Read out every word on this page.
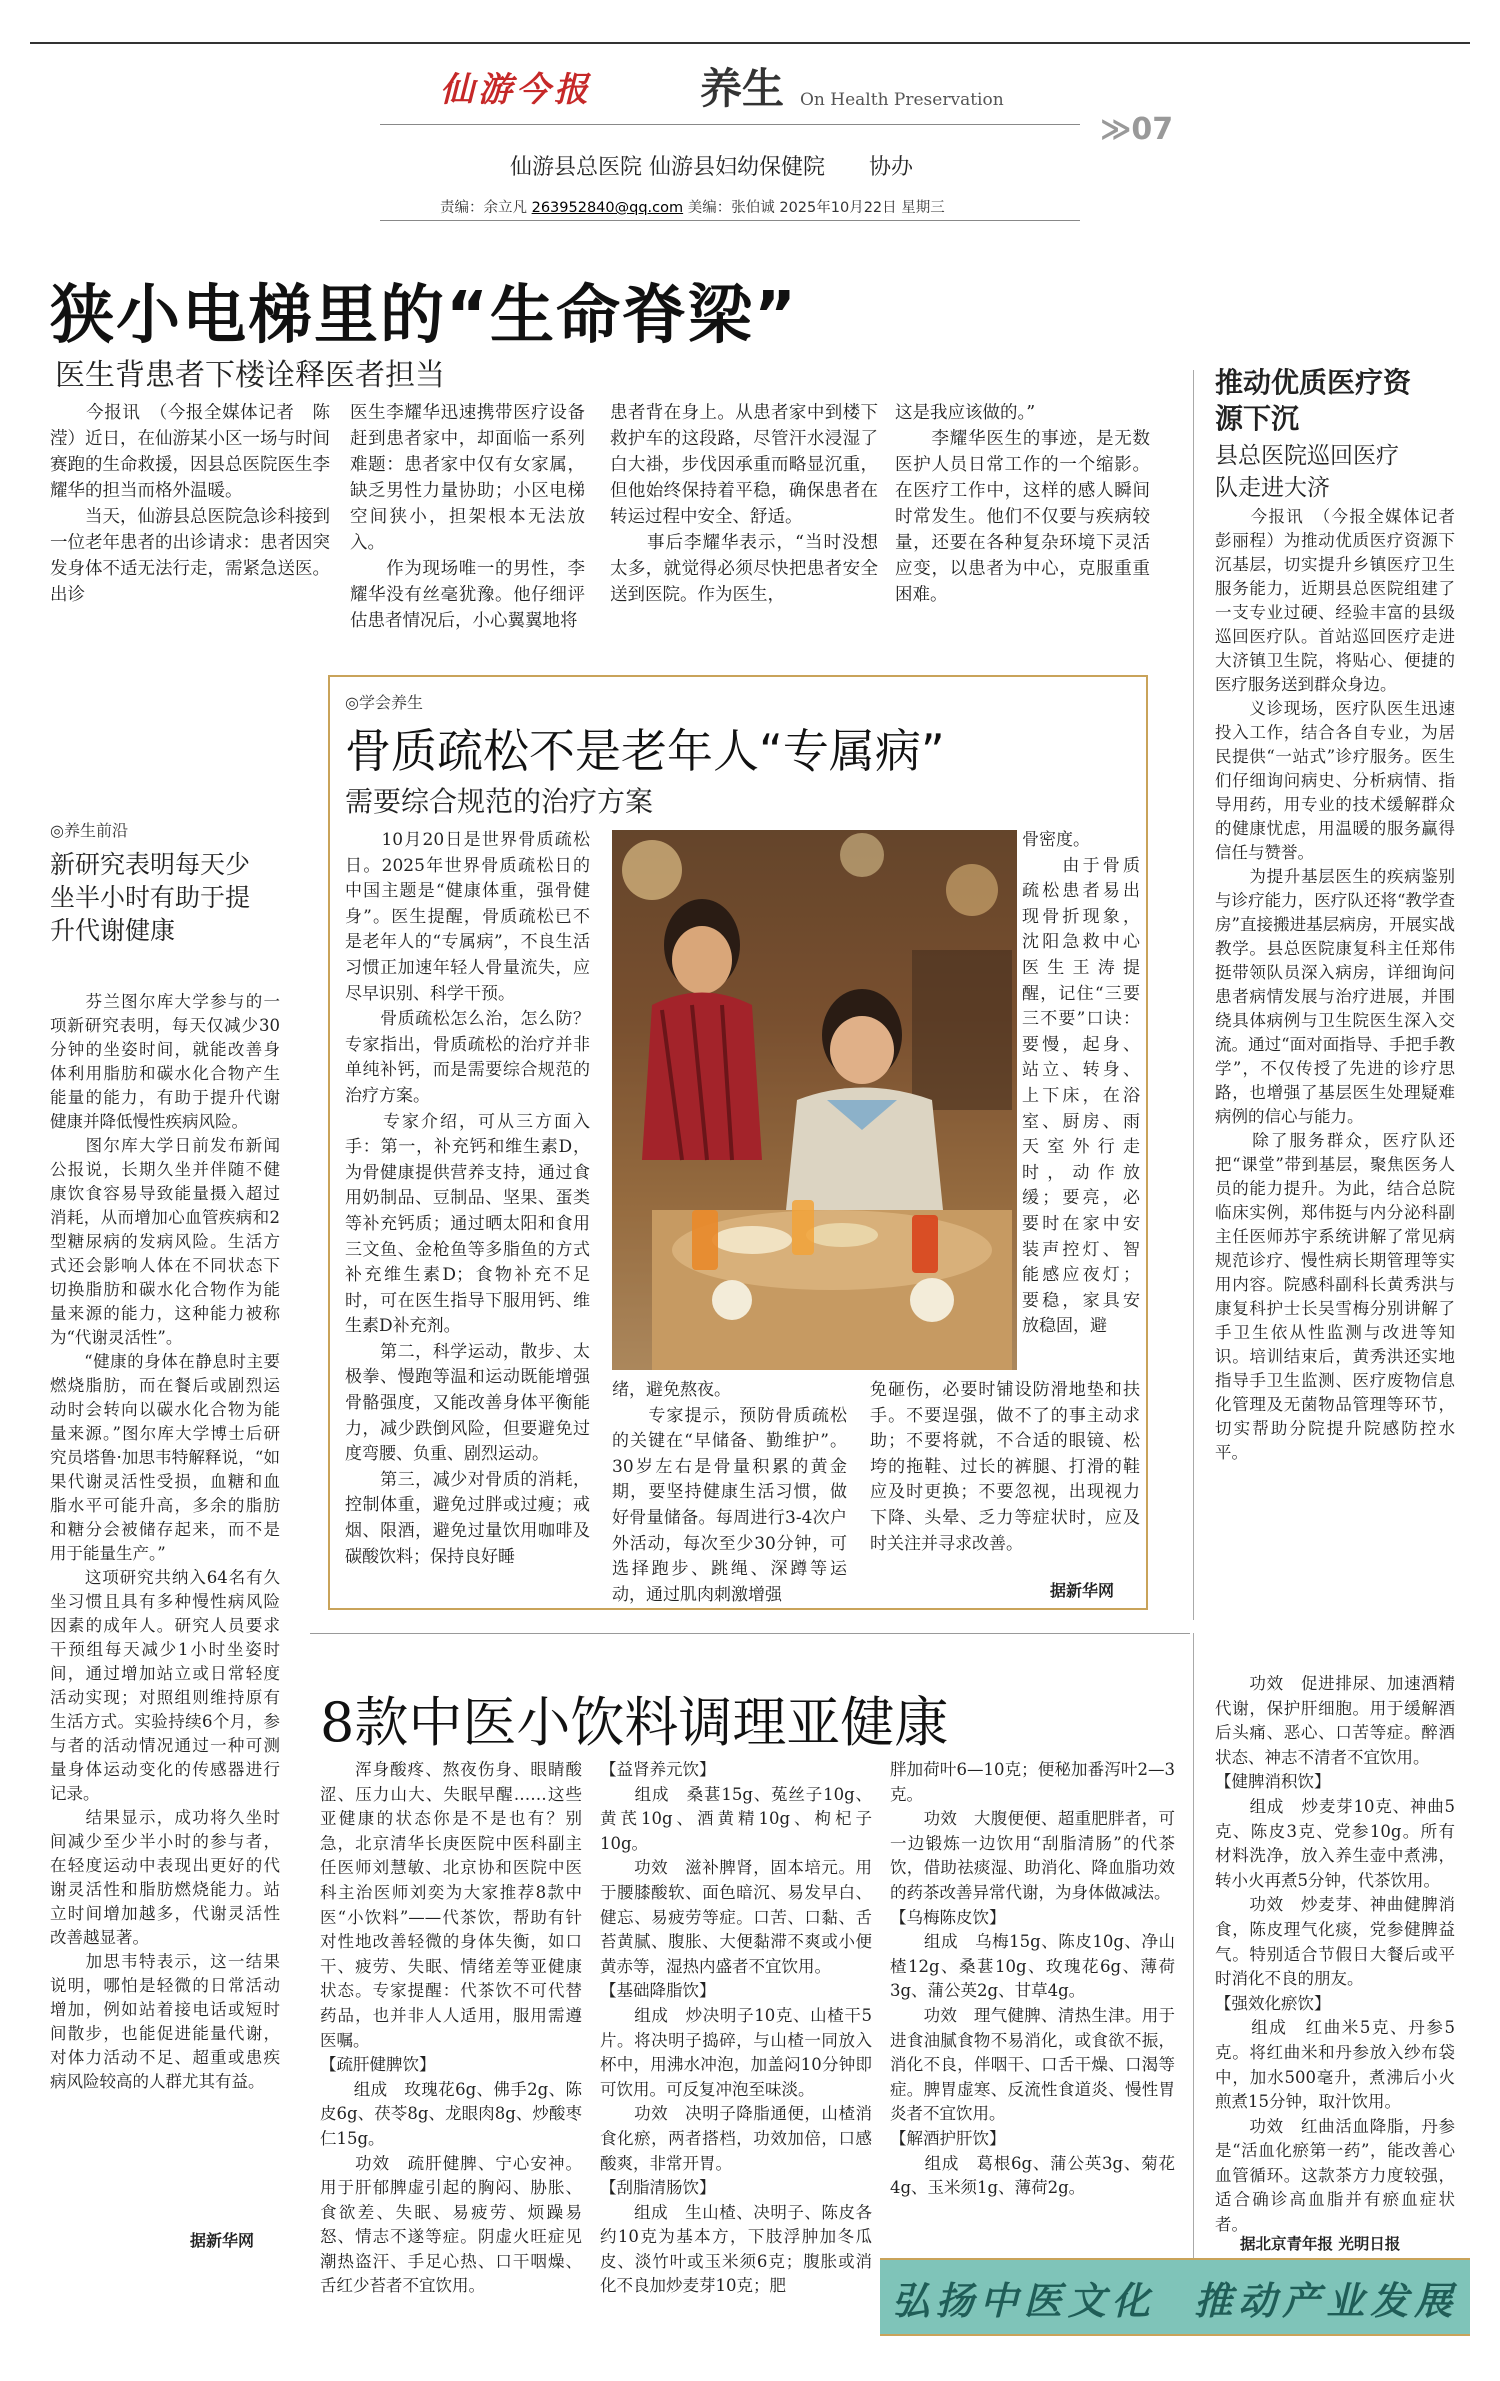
仙游今报	养生 On Health Preservation
≫07
仙游县总医院 仙游县妇幼保健院　　 协办
责编：余立凡 263952840@qq.com 美编：张伯诚 2025年10月22日 星期三
狭小电梯里的“生命脊梁”
医生背患者下楼诠释医者担当
　　今报讯　（今报全媒体记者　陈滢）近日，在仙游某小区一场与时间赛跑的生命救援，因县总医院医生李耀华的担当而格外温暖。
　　当天，仙游县总医院急诊科接到一位老年患者的出诊请求：患者因突发身体不适无法行走，需紧急送医。出诊
医生李耀华迅速携带医疗设备赶到患者家中，却面临一系列难题：患者家中仅有女家属，缺乏男性力量协助；小区电梯空间狭小，担架根本无法放入。
　　作为现场唯一的男性，李耀华没有丝毫犹豫。他仔细评估患者情况后，小心翼翼地将
患者背在身上。从患者家中到楼下救护车的这段路，尽管汗水浸湿了白大褂，步伐因承重而略显沉重，但他始终保持着平稳，确保患者在转运过程中安全、舒适。
　　事后李耀华表示，“当时没想太多，就觉得必须尽快把患者安全送到医院。作为医生，
这是我应该做的。”
　　李耀华医生的事迹，是无数医护人员日常工作的一个缩影。在医疗工作中，这样的感人瞬间时常发生。他们不仅要与疾病较量，还要在各种复杂环境下灵活应变，以患者为中心，克服重重困难。
推动优质医疗资源下沉
县总医院巡回医疗队走进大济
　　今报讯　（今报全媒体记者　彭丽程）为推动优质医疗资源下沉基层，切实提升乡镇医疗卫生服务能力，近期县总医院组建了一支专业过硬、经验丰富的县级巡回医疗队。首站巡回医疗走进大济镇卫生院，将贴心、便捷的医疗服务送到群众身边。
　　义诊现场，医疗队医生迅速投入工作，结合各自专业，为居民提供“一站式”诊疗服务。医生们仔细询问病史、分析病情、指导用药，用专业的技术缓解群众的健康忧虑，用温暖的服务赢得信任与赞誉。
　　为提升基层医生的疾病鉴别与诊疗能力，医疗队还将“教学查房”直接搬进基层病房，开展实战教学。县总医院康复科主任郑伟挺带领队员深入病房，详细询问患者病情发展与治疗进展，并围绕具体病例与卫生院医生深入交流。通过“面对面指导、手把手教学”，不仅传授了先进的诊疗思路，也增强了基层医生处理疑难病例的信心与能力。
　　除了服务群众，医疗队还把“课堂”带到基层，聚焦医务人员的能力提升。为此，结合总院临床实例，郑伟挺与内分泌科副主任医师苏宇系统讲解了常见病规范诊疗、慢性病长期管理等实用内容。院感科副科长黄秀洪与康复科护士长吴雪梅分别讲解了手卫生依从性监测与改进等知识。培训结束后，黄秀洪还实地指导手卫生监测、医疗废物信息化管理及无菌物品管理等环节，切实帮助分院提升院感防控水平。
◎养生前沿
新研究表明每天少坐半小时有助于提升代谢健康
　　芬兰图尔库大学参与的一项新研究表明，每天仅减少30分钟的坐姿时间，就能改善身体利用脂肪和碳水化合物产生能量的能力，有助于提升代谢健康并降低慢性疾病风险。
　　图尔库大学日前发布新闻公报说，长期久坐并伴随不健康饮食容易导致能量摄入超过消耗，从而增加心血管疾病和2型糖尿病的发病风险。生活方式还会影响人体在不同状态下切换脂肪和碳水化合物作为能量来源的能力，这种能力被称为“代谢灵活性”。
　　“健康的身体在静息时主要燃烧脂肪，而在餐后或剧烈运动时会转向以碳水化合物为能量来源。”图尔库大学博士后研究员塔鲁·加思韦特解释说，“如果代谢灵活性受损，血糖和血脂水平可能升高，多余的脂肪和糖分会被储存起来，而不是用于能量生产。”
　　这项研究共纳入64名有久坐习惯且具有多种慢性病风险因素的成年人。研究人员要求干预组每天减少1小时坐姿时间，通过增加站立或日常轻度活动实现；对照组则维持原有生活方式。实验持续6个月，参与者的活动情况通过一种可测量身体运动变化的传感器进行记录。
　　结果显示，成功将久坐时间减少至少半小时的参与者，在轻度运动中表现出更好的代谢灵活性和脂肪燃烧能力。站立时间增加越多，代谢灵活性改善越显著。
　　加思韦特表示，这一结果说明，哪怕是轻微的日常活动增加，例如站着接电话或短时间散步，也能促进能量代谢，对体力活动不足、超重或患疾病风险较高的人群尤其有益。
据新华网
◎学会养生
骨质疏松不是老年人“专属病”
需要综合规范的治疗方案
　　10月20日是世界骨质疏松日。2025年世界骨质疏松日的中国主题是“健康体重，强骨健身”。医生提醒，骨质疏松已不是老年人的“专属病”，不良生活习惯正加速年轻人骨量流失，应尽早识别、科学干预。
　　骨质疏松怎么治，怎么防？专家指出，骨质疏松的治疗并非单纯补钙，而是需要综合规范的治疗方案。
　　专家介绍，可从三方面入手：第一，补充钙和维生素D，为骨健康提供营养支持，通过食用奶制品、豆制品、坚果、蛋类等补充钙质；通过晒太阳和食用三文鱼、金枪鱼等多脂鱼的方式补充维生素D；食物补充不足时，可在医生指导下服用钙、维生素D补充剂。
　　第二，科学运动，散步、太极拳、慢跑等温和运动既能增强骨骼强度，又能改善身体平衡能力，减少跌倒风险，但要避免过度弯腰、负重、剧烈运动。
　　第三，减少对骨质的消耗，控制体重，避免过胖或过瘦；戒烟、限酒，避免过量饮用咖啡及碳酸饮料；保持良好睡
骨密度。
　　由于骨质疏松患者易出现骨折现象，沈阳急救中心医生王涛提醒，记住“三要三不要”口诀：要慢，起身、站立、转身、上下床，在浴室、厨房、雨天室外行走时，动作放缓；要亮，必要时在家中安装声控灯、智能感应夜灯；要稳，家具安放稳固，避
绪，避免熬夜。
　　专家提示，预防骨质疏松的关键在“早储备、勤维护”。30岁左右是骨量积累的黄金期，要坚持健康生活习惯，做好骨量储备。每周进行3-4次户外活动，每次至少30分钟，可选择跑步、跳绳、深蹲等运动，通过肌肉刺激增强
免砸伤，必要时铺设防滑地垫和扶手。不要逞强，做不了的事主动求助；不要将就，不合适的眼镜、松垮的拖鞋、过长的裤腿、打滑的鞋应及时更换；不要忽视，出现视力下降、头晕、乏力等症状时，应及时关注并寻求改善。
据新华网
8款中医小饮料调理亚健康
　　浑身酸疼、熬夜伤身、眼睛酸涩、压力山大、失眠早醒……这些亚健康的状态你是不是也有？别急，北京清华长庚医院中医科副主任医师刘慧敏、北京协和医院中医科主治医师刘奕为大家推荐8款中医“小饮料”——代茶饮，帮助有针对性地改善轻微的身体失衡，如口干、疲劳、失眠、情绪差等亚健康状态。专家提醒：代茶饮不可代替药品，也并非人人适用，服用需遵医嘱。
【疏肝健脾饮】
　　组成　玫瑰花6g、佛手2g、陈皮6g、茯苓8g、龙眼肉8g、炒酸枣仁15g。
　　功效　疏肝健脾、宁心安神。用于肝郁脾虚引起的胸闷、胁胀、食欲差、失眠、易疲劳、烦躁易怒、情志不遂等症。阴虚火旺症见潮热盗汗、手足心热、口干咽燥、舌红少苔者不宜饮用。
【益肾养元饮】
　　组成　桑葚15g、菟丝子10g、黄芪10g、酒黄精10g、枸杞子10g。
　　功效　滋补脾肾，固本培元。用于腰膝酸软、面色暗沉、易发早白、健忘、易疲劳等症。口苦、口黏、舌苔黄腻、腹胀、大便黏滞不爽或小便黄赤等，湿热内盛者不宜饮用。
【基础降脂饮】
　　组成　炒决明子10克、山楂干5片。将决明子捣碎，与山楂一同放入杯中，用沸水冲泡，加盖闷10分钟即可饮用。可反复冲泡至味淡。
　　功效　决明子降脂通便，山楂消食化瘀，两者搭档，功效加倍，口感酸爽，非常开胃。
【刮脂清肠饮】
　　组成　生山楂、决明子、陈皮各约10克为基本方，下肢浮肿加冬瓜皮、淡竹叶或玉米须6克；腹胀或消化不良加炒麦芽10克；肥
胖加荷叶6—10克；便秘加番泻叶2—3克。
　　功效　大腹便便、超重肥胖者，可一边锻炼一边饮用“刮脂清肠”的代茶饮，借助祛痰湿、助消化、降血脂功效的药茶改善异常代谢，为身体做减法。
【乌梅陈皮饮】
　　组成　乌梅15g、陈皮10g、净山楂12g、桑葚10g、玫瑰花6g、薄荷3g、蒲公英2g、甘草4g。
　　功效　理气健脾、清热生津。用于进食油腻食物不易消化，或食欲不振，消化不良，伴咽干、口舌干燥、口渴等症。脾胃虚寒、反流性食道炎、慢性胃炎者不宜饮用。
【解酒护肝饮】
　　组成　葛根6g、蒲公英3g、菊花4g、玉米须1g、薄荷2g。
　　功效　促进排尿、加速酒精代谢，保护肝细胞。用于缓解酒后头痛、恶心、口苦等症。醉酒状态、神志不清者不宜饮用。
【健脾消积饮】
　　组成　炒麦芽10克、神曲5克、陈皮3克、党参10g。所有材料洗净，放入养生壶中煮沸，转小火再煮5分钟，代茶饮用。
　　功效　炒麦芽、神曲健脾消食，陈皮理气化痰，党参健脾益气。特别适合节假日大餐后或平时消化不良的朋友。
【强效化瘀饮】
　　组成　红曲米5克、丹参5克。将红曲米和丹参放入纱布袋中，加水500毫升，煮沸后小火煎煮15分钟，取汁饮用。
　　功效　红曲活血降脂，丹参是“活血化瘀第一药”，能改善心血管循环。这款茶方力度较强，适合确诊高血脂并有瘀血症状者。
据北京青年报 光明日报
弘扬中医文化  推动产业发展
